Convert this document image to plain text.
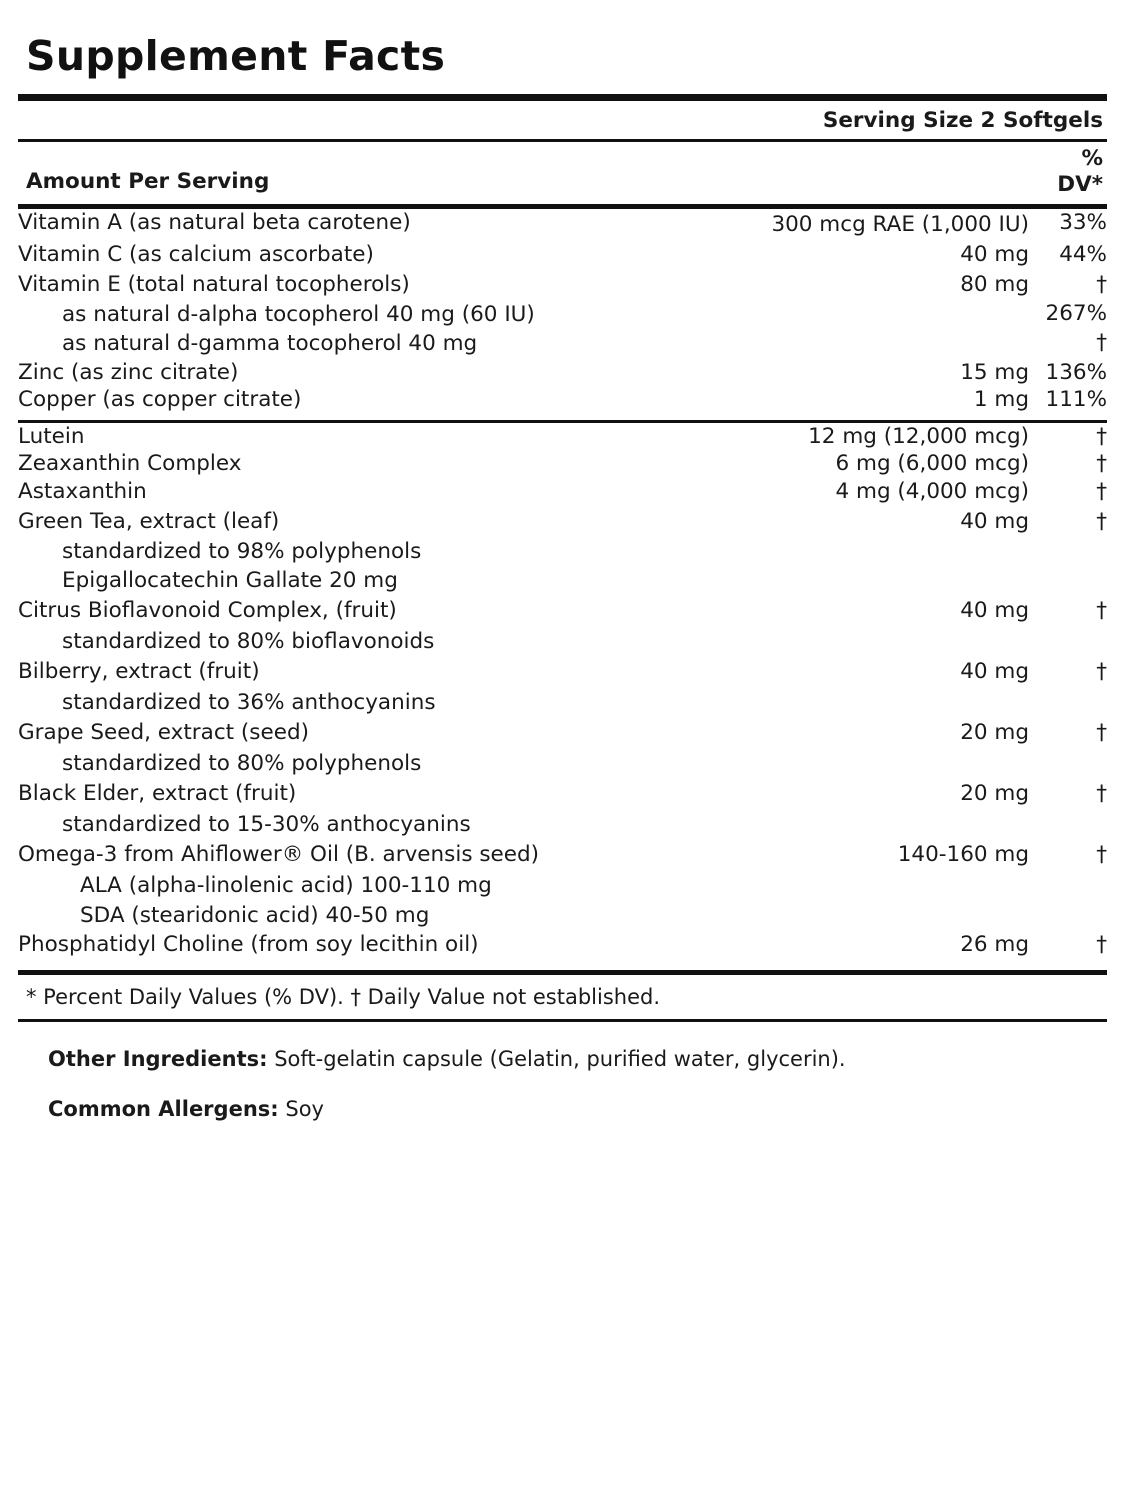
Supplement Facts
Serving Size 2 Softgels
Amount Per Serving
%
DV*
Vitamin A (as natural beta carotene)	300 mcg RAE (1,000 IU)	33%
Vitamin C (as calcium ascorbate)	40 mg	44%
Vitamin E (total natural tocopherols)	80 mg	†
as natural d-alpha tocopherol 40 mg (60 IU)		267%
as natural d-gamma tocopherol 40 mg		†
Zinc (as zinc citrate)	15 mg	136%
Copper (as copper citrate)	1 mg	111%
Lutein	12 mg (12,000 mcg)	†
Zeaxanthin Complex	6 mg (6,000 mcg)	†
Astaxanthin	4 mg (4,000 mcg)	†
Green Tea, extract (leaf)	40 mg	†
standardized to 98% polyphenols		
Epigallocatechin Gallate 20 mg		
Citrus Bioflavonoid Complex, (fruit)	40 mg	†
standardized to 80% bioflavonoids		
Bilberry, extract (fruit)	40 mg	†
standardized to 36% anthocyanins		
Grape Seed, extract (seed)	20 mg	†
standardized to 80% polyphenols		
Black Elder, extract (fruit)	20 mg	†
standardized to 15-30% anthocyanins		
Omega-3 from Ahiflower® Oil (B. arvensis seed)	140-160 mg	†
ALA (alpha-linolenic acid) 100-110 mg		
SDA (stearidonic acid) 40-50 mg		
Phosphatidyl Choline (from soy lecithin oil)	26 mg	†
* Percent Daily Values (% DV). † Daily Value not established.
Other Ingredients: Soft-gelatin capsule (Gelatin, purified water, glycerin).
Common Allergens: Soy
